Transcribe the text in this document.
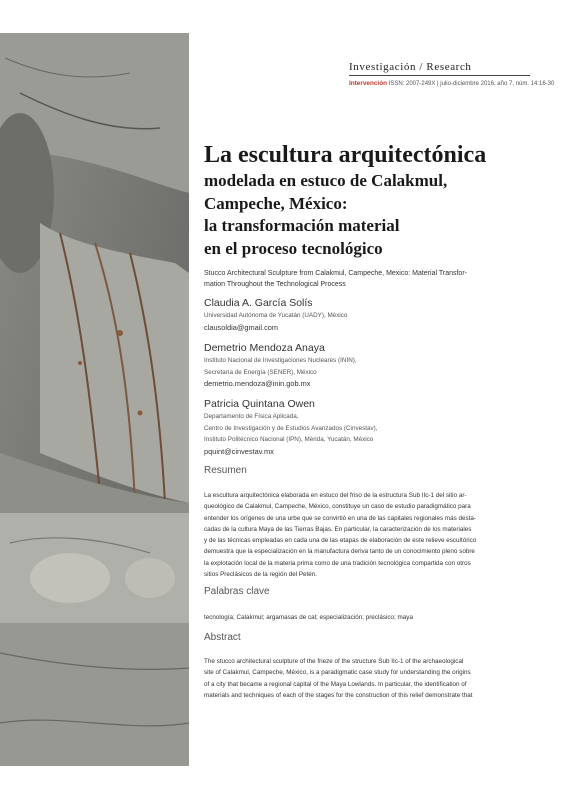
Investigación / Research
Intervención ISSN: 2007-249X | julio-diciembre 2016, año 7, núm. 14:16-30
La escultura arquitectónica
modelada en estuco de Calakmul,
Campeche, México:
la transformación material
en el proceso tecnológico
Stucco Architectural Sculpture from Calakmul, Campeche, Mexico: Material Transfor-
mation Throughout the Technological Process
Claudia A. García Solís
Universidad Autónoma de Yucatán (UADY), México
clausoldia@gmail.com
Demetrio Mendoza Anaya
Instituto Nacional de Investigaciones Nucleares (ININ),
Secretaría de Energía (SENER), México
demetrio.mendoza@inin.gob.mx
Patricia Quintana Owen
Departamento de Física Aplicada,
Centro de Investigación y de Estudios Avanzados (Cinvestav),
Instituto Politécnico Nacional (IPN), Mérida, Yucatán, México
pquint@cinvestav.mx
Resumen
La escultura arquitectónica elaborada en estuco del friso de la estructura Sub IIc-1 del sitio ar-
queológico de Calakmul, Campeche, México, constituye un caso de estudio paradigmático para
entender los orígenes de una urbe que se convirtió en una de las capitales regionales más desta-
cadas de la cultura Maya de las Tierras Bajas. En particular, la caracterización de los materiales
y de las técnicas empleadas en cada una de las etapas de elaboración de este relieve escultórico
demuestra que la especialización en la manufactura deriva tanto de un conocimiento pleno sobre
la explotación local de la materia prima como de una tradición tecnológica compartida con otros
sitios Preclásicos de la región del Petén.
Palabras clave
tecnología; Calakmul; argamasas de cal; especialización; preclásico; maya
Abstract
The stucco architectural sculpture of the frieze of the structure Sub IIc-1 of the archaeological
site of Calakmul, Campeche, México, is a paradigmatic case study for understanding the origins
of a city that became a regional capital of the Maya Lowlands. In particular, the identification of
materials and techniques of each of the stages for the construction of this relief demonstrate that
